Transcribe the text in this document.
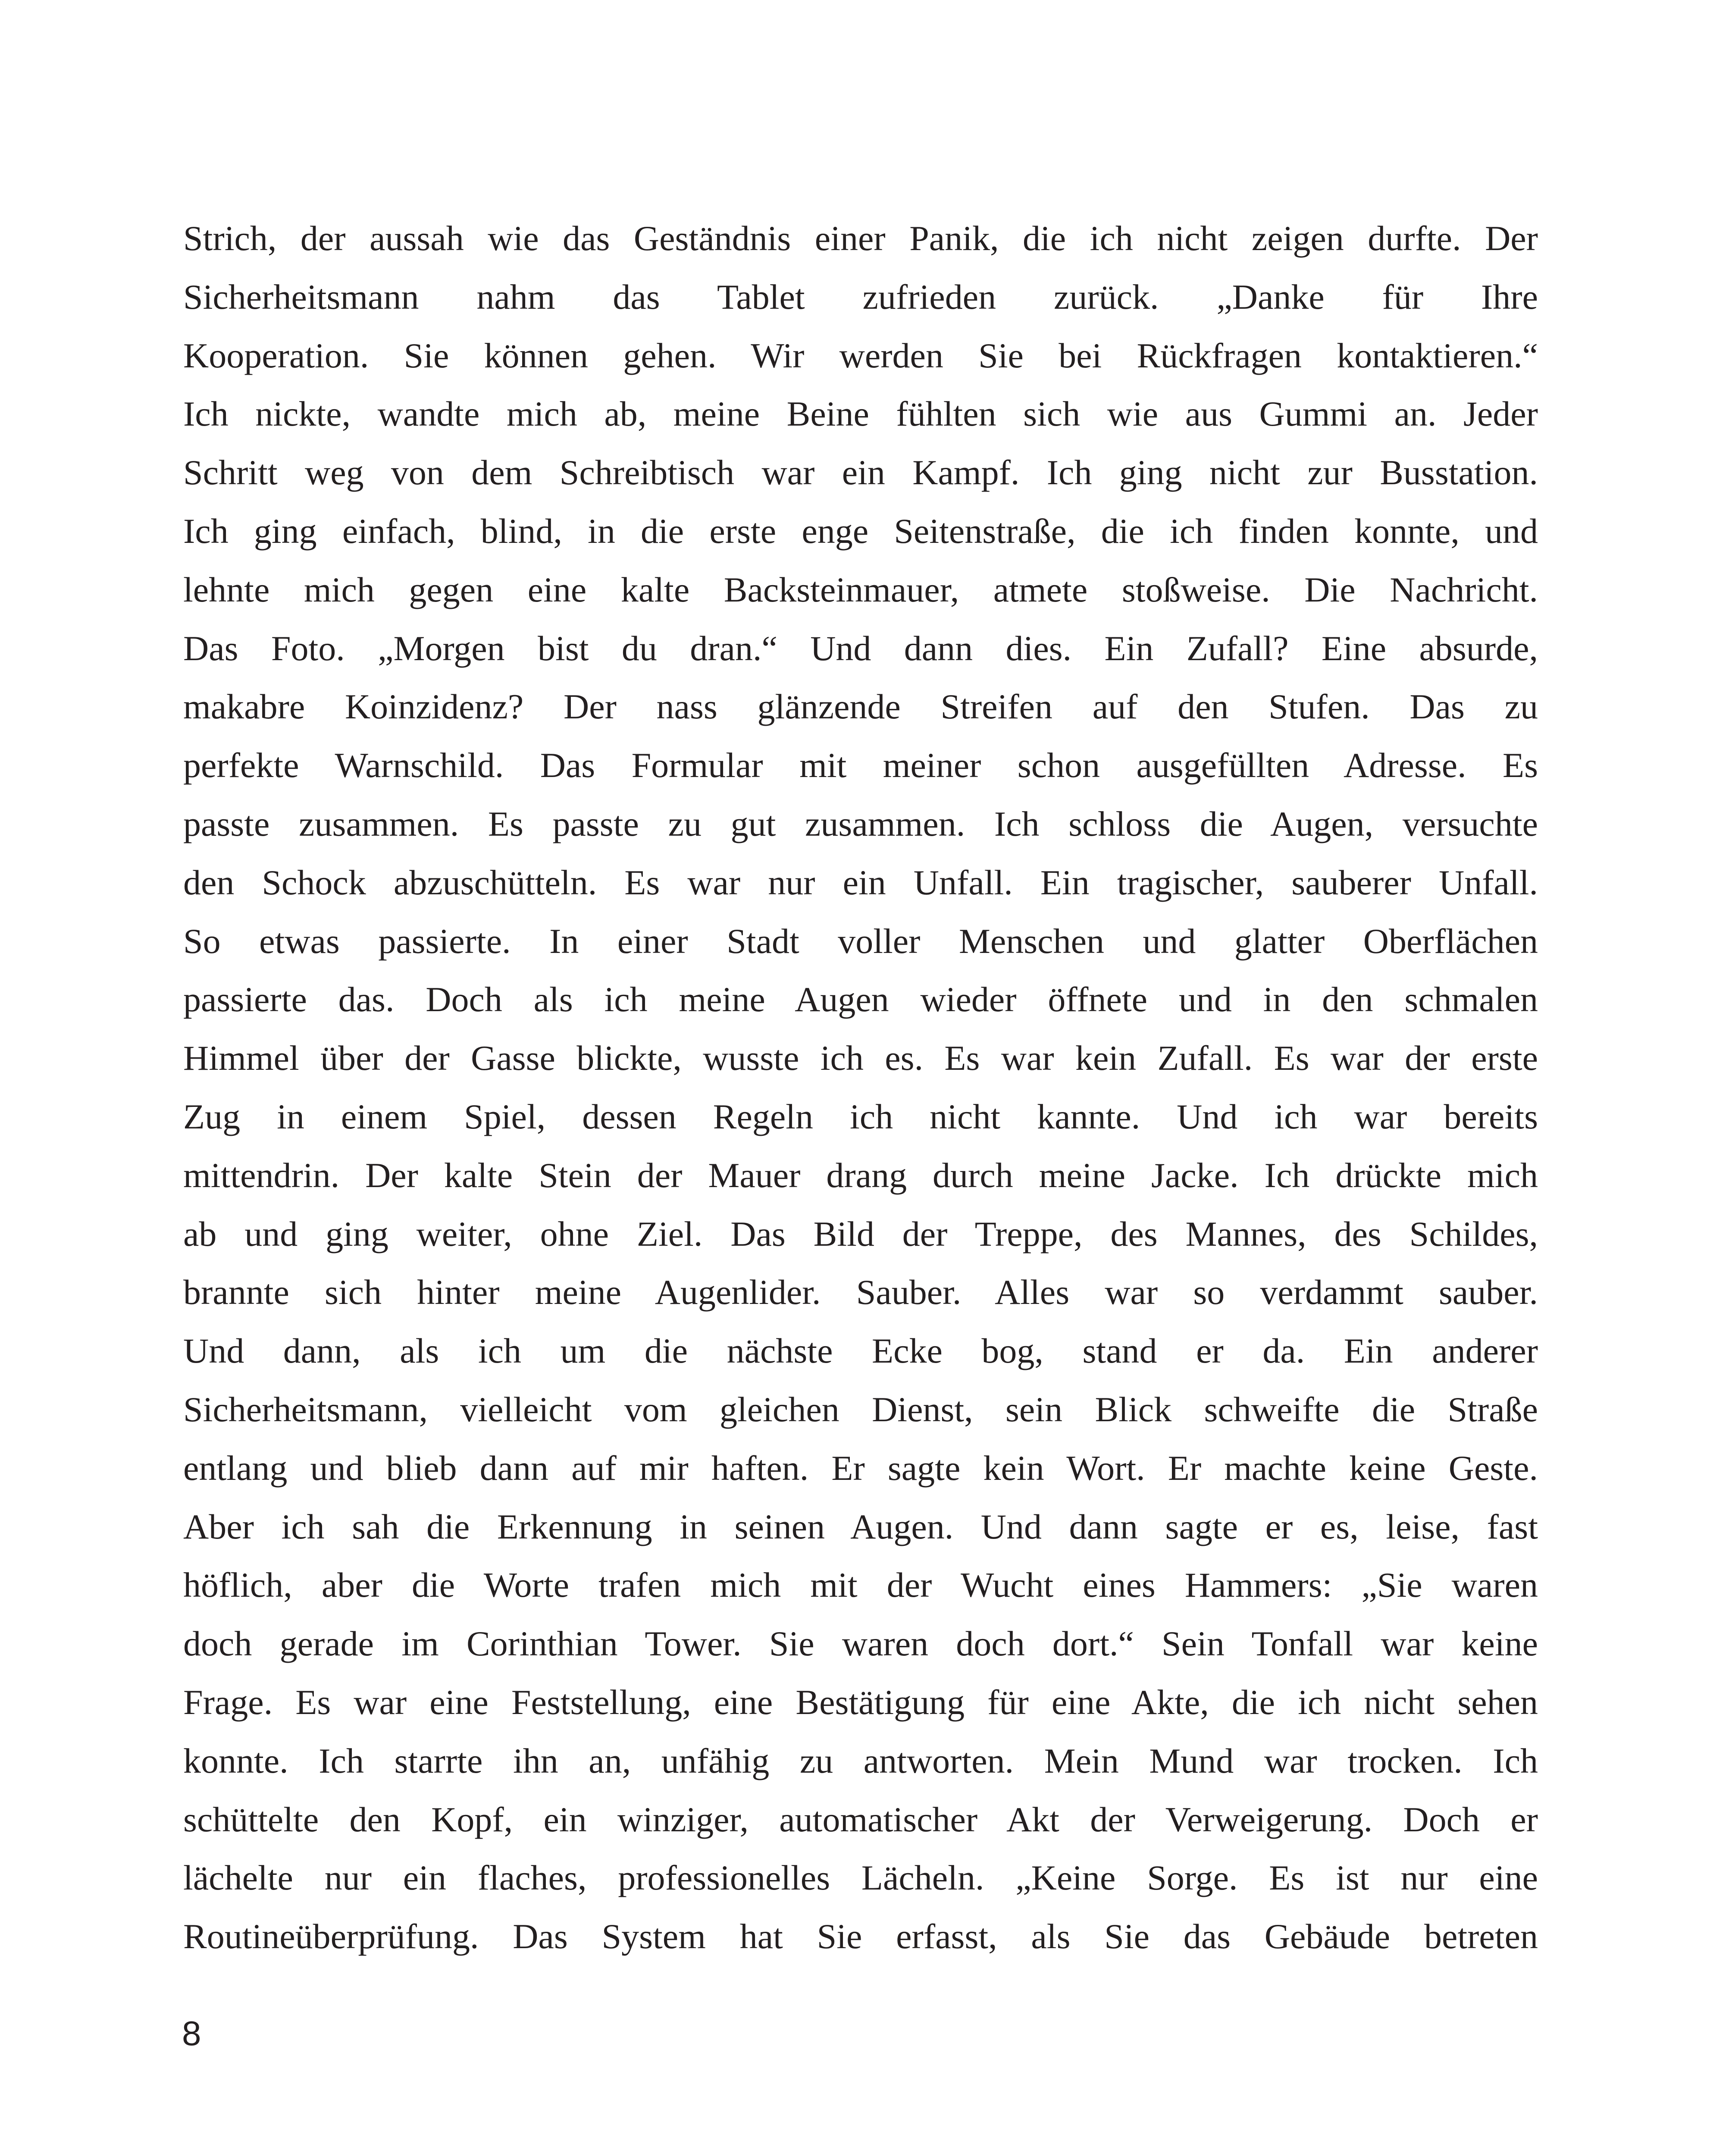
Strich, der aussah wie das Geständnis einer Panik, die ich nicht zeigen durfte. Der
Sicherheitsmann nahm das Tablet zufrieden zurück. „Danke für Ihre
Kooperation. Sie können gehen. Wir werden Sie bei Rückfragen kontaktieren.“
Ich nickte, wandte mich ab, meine Beine fühlten sich wie aus Gummi an. Jeder
Schritt weg von dem Schreibtisch war ein Kampf. Ich ging nicht zur Busstation.
Ich ging einfach, blind, in die erste enge Seitenstraße, die ich finden konnte, und
lehnte mich gegen eine kalte Backsteinmauer, atmete stoßweise. Die Nachricht.
Das Foto. „Morgen bist du dran.“ Und dann dies. Ein Zufall? Eine absurde,
makabre Koinzidenz? Der nass glänzende Streifen auf den Stufen. Das zu
perfekte Warnschild. Das Formular mit meiner schon ausgefüllten Adresse. Es
passte zusammen. Es passte zu gut zusammen. Ich schloss die Augen, versuchte
den Schock abzuschütteln. Es war nur ein Unfall. Ein tragischer, sauberer Unfall.
So etwas passierte. In einer Stadt voller Menschen und glatter Oberflächen
passierte das. Doch als ich meine Augen wieder öffnete und in den schmalen
Himmel über der Gasse blickte, wusste ich es. Es war kein Zufall. Es war der erste
Zug in einem Spiel, dessen Regeln ich nicht kannte. Und ich war bereits
mittendrin. Der kalte Stein der Mauer drang durch meine Jacke. Ich drückte mich
ab und ging weiter, ohne Ziel. Das Bild der Treppe, des Mannes, des Schildes,
brannte sich hinter meine Augenlider. Sauber. Alles war so verdammt sauber.
Und dann, als ich um die nächste Ecke bog, stand er da. Ein anderer
Sicherheitsmann, vielleicht vom gleichen Dienst, sein Blick schweifte die Straße
entlang und blieb dann auf mir haften. Er sagte kein Wort. Er machte keine Geste.
Aber ich sah die Erkennung in seinen Augen. Und dann sagte er es, leise, fast
höflich, aber die Worte trafen mich mit der Wucht eines Hammers: „Sie waren
doch gerade im Corinthian Tower. Sie waren doch dort.“ Sein Tonfall war keine
Frage. Es war eine Feststellung, eine Bestätigung für eine Akte, die ich nicht sehen
konnte. Ich starrte ihn an, unfähig zu antworten. Mein Mund war trocken. Ich
schüttelte den Kopf, ein winziger, automatischer Akt der Verweigerung. Doch er
lächelte nur ein flaches, professionelles Lächeln. „Keine Sorge. Es ist nur eine
Routineüberprüfung. Das System hat Sie erfasst, als Sie das Gebäude betreten

8
